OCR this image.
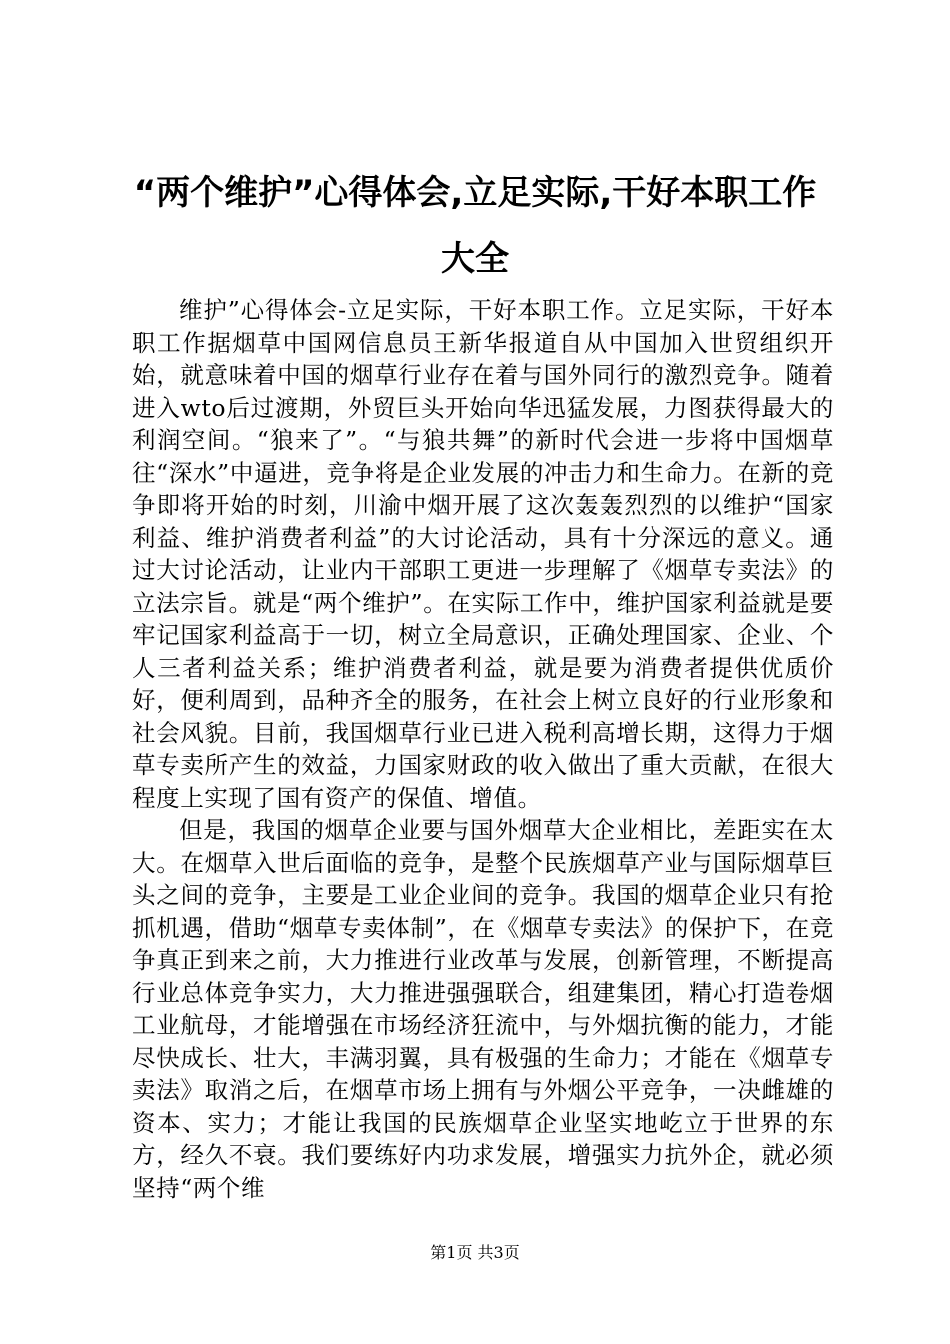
“两个维护”心得体会,立足实际,干好本职工作大全

维护”心得体会-立足实际，干好本职工作。立足实际，干好本职工作据烟草中国网信息员王新华报道自从中国加入世贸组织开始，就意味着中国的烟草行业存在着与国外同行的激烈竞争。随着进入wto后过渡期，外贸巨头开始向华迅猛发展，力图获得最大的利润空间。“狼来了”。“与狼共舞”的新时代会进一步将中国烟草往“深水”中逼进，竞争将是企业发展的冲击力和生命力。在新的竞争即将开始的时刻，川渝中烟开展了这次轰轰烈烈的以维护“国家利益、维护消费者利益”的大讨论活动，具有十分深远的意义。通过大讨论活动，让业内干部职工更进一步理解了《烟草专卖法》的立法宗旨。就是“两个维护”。在实际工作中，维护国家利益就是要牢记国家利益高于一切，树立全局意识，正确处理国家、企业、个人三者利益关系；维护消费者利益，就是要为消费者提供优质价好，便利周到，品种齐全的服务，在社会上树立良好的行业形象和社会风貌。目前，我国烟草行业已进入税利高增长期，这得力于烟草专卖所产生的效益，力国家财政的收入做出了重大贡献，在很大程度上实现了国有资产的保值、增值。

但是，我国的烟草企业要与国外烟草大企业相比，差距实在太大。在烟草入世后面临的竞争，是整个民族烟草产业与国际烟草巨头之间的竞争，主要是工业企业间的竞争。我国的烟草企业只有抢抓机遇，借助“烟草专卖体制”，在《烟草专卖法》的保护下，在竞争真正到来之前，大力推进行业改革与发展，创新管理，不断提高行业总体竞争实力，大力推进强强联合，组建集团，精心打造卷烟工业航母，才能增强在市场经济狂流中，与外烟抗衡的能力，才能尽快成长、壮大，丰满羽翼，具有极强的生命力；才能在《烟草专卖法》取消之后，在烟草市场上拥有与外烟公平竞争，一决雌雄的资本、实力；才能让我国的民族烟草企业坚实地屹立于世界的东方，经久不衰。我们要练好内功求发展，增强实力抗外企，就必须坚持“两个维

第1页 共3页
